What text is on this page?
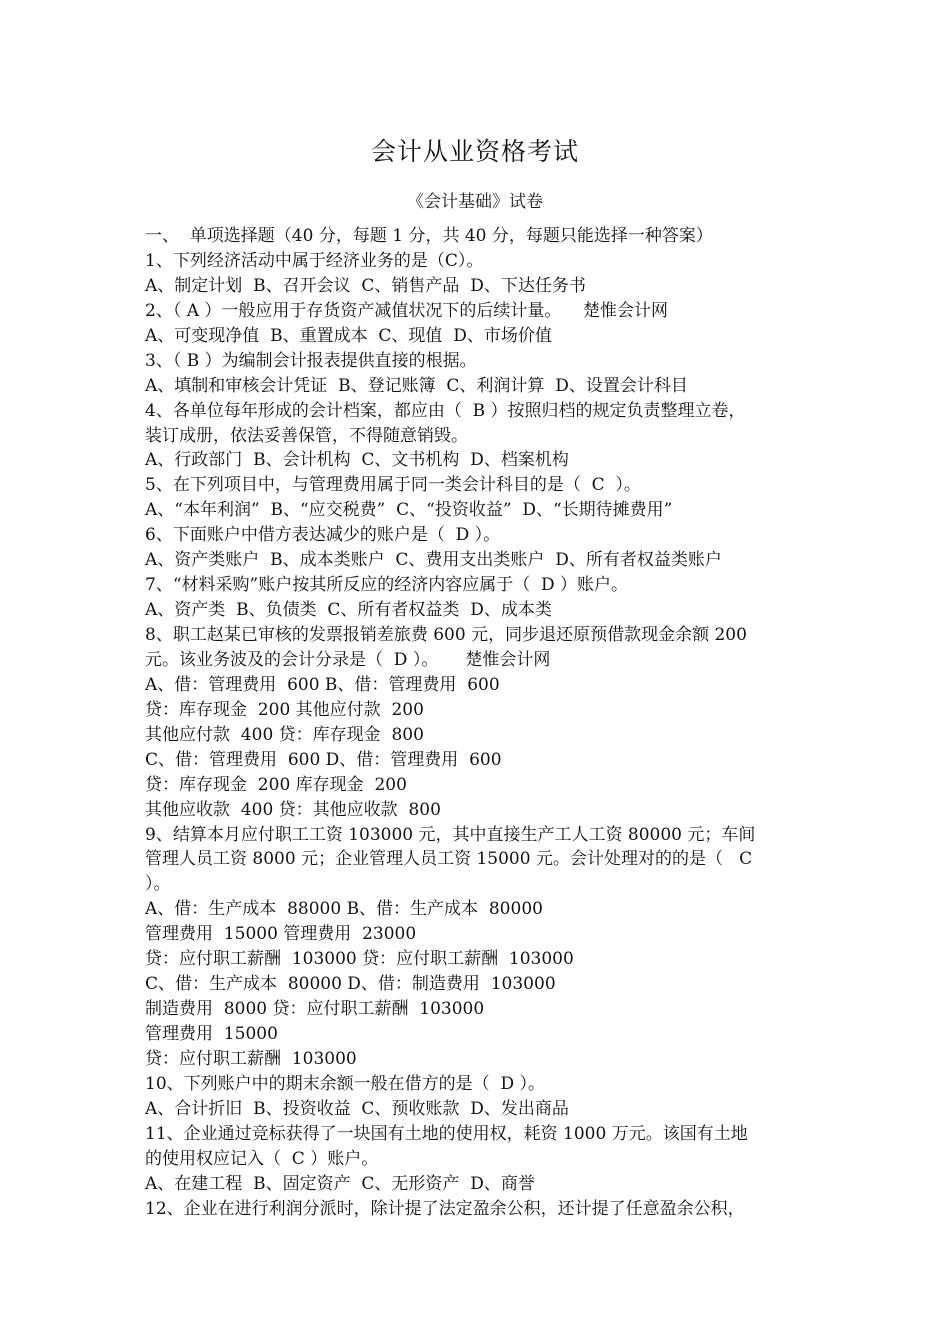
会计从业资格考试
《会计基础》试卷
一、  单项选择题（40 分，每题 1 分，共 40 分，每题只能选择一种答案）
1、下列经济活动中属于经济业务的是（C）。
A、制定计划  B、召开会议  C、销售产品  D、下达任务书
2、（ A ）一般应用于存货资产减值状况下的后续计量。    楚惟会计网
A、可变现净值  B、重置成本  C、现值  D、市场价值
3、（ B ）为编制会计报表提供直接的根据。
A、填制和审核会计凭证  B、登记账簿  C、利润计算  D、设置会计科目
4、各单位每年形成的会计档案，都应由（  B ）按照归档的规定负责整理立卷，
装订成册，依法妥善保管，不得随意销毁。
A、行政部门  B、会计机构  C、文书机构  D、档案机构
5、在下列项目中，与管理费用属于同一类会计科目的是（  C  ）。
A、“本年利润”  B、“应交税费”  C、“投资收益”  D、“长期待摊费用”
6、下面账户中借方表达减少的账户是（  D ）。
A、资产类账户  B、成本类账户  C、费用支出类账户  D、所有者权益类账户
7、“材料采购”账户按其所反应的经济内容应属于（  D ）账户。
A、资产类  B、负债类  C、所有者权益类  D、成本类
8、职工赵某已审核的发票报销差旅费 600 元，同步退还原预借款现金余额 200
元。该业务波及的会计分录是（  D ）。     楚惟会计网
A、借：管理费用  600 B、借：管理费用  600
贷：库存现金  200 其他应付款  200
其他应付款  400 贷：库存现金  800
C、借：管理费用  600 D、借：管理费用  600
贷：库存现金  200 库存现金  200
其他应收款  400 贷：其他应收款  800
9、结算本月应付职工工资 103000 元，其中直接生产工人工资 80000 元；车间
管理人员工资 8000 元；企业管理人员工资 15000 元。会计处理对的的是（   C
）。
A、借：生产成本  88000 B、借：生产成本  80000
管理费用  15000 管理费用  23000
贷：应付职工薪酬  103000 贷：应付职工薪酬  103000
C、借：生产成本  80000 D、借：制造费用  103000
制造费用  8000 贷：应付职工薪酬  103000
管理费用  15000
贷：应付职工薪酬  103000
10、下列账户中的期末余额一般在借方的是（  D ）。
A、合计折旧  B、投资收益  C、预收账款  D、发出商品
11、企业通过竞标获得了一块国有土地的使用权，耗资 1000 万元。该国有土地
的使用权应记入（  C ）账户。
A、在建工程  B、固定资产  C、无形资产  D、商誉
12、企业在进行利润分派时，除计提了法定盈余公积，还计提了任意盈余公积，
